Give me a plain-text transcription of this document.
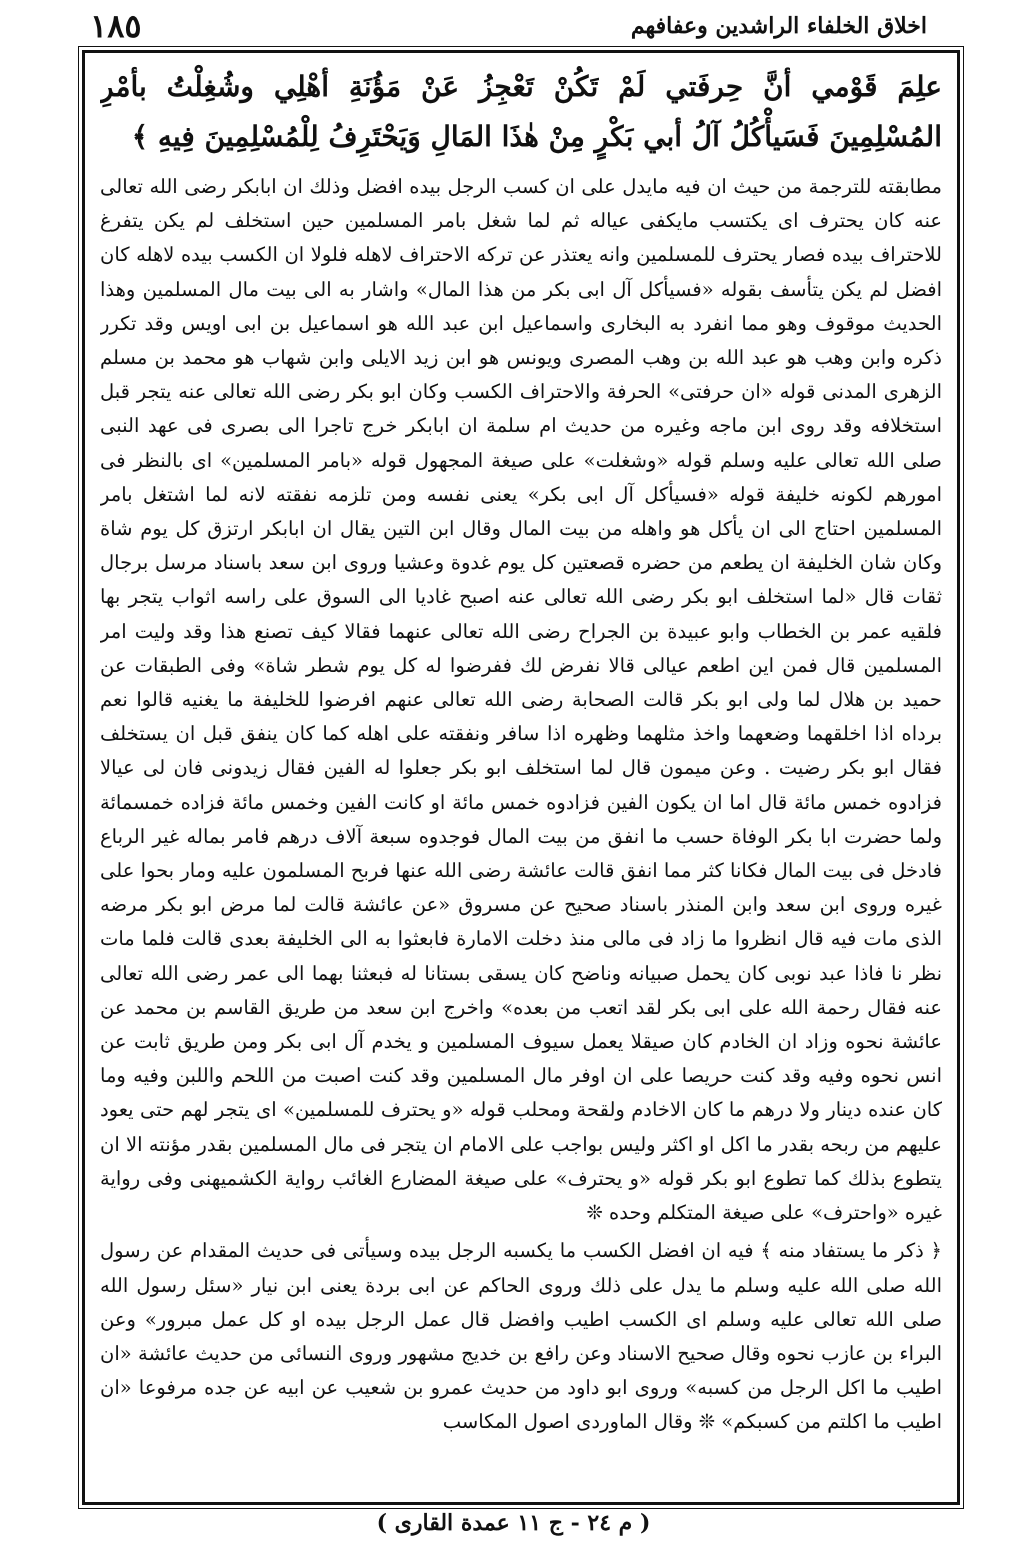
١٨٥	اخلاق الخلفاء الراشدين وعفافهم
علِمَ قَوْمي أنَّ حِرفَتي لَمْ تَكُنْ تَعْجِزُ عَنْ مَؤُنَةِ أهْلِي وشُغِلْتُ بأمْرِ المُسْلِمِينَ فَسَيأْكُلُ آلُ أبي بَكْرٍ مِنْ هٰذَا المَالِ وَيَحْتَرِفُ لِلْمُسْلِمِينَ فِيهِ ﴾

مطابقته للترجمة من حيث ان فيه مايدل على ان كسب الرجل بيده افضل وذلك ان ابابكر رضى الله تعالى عنه كان يحترف اى يكتسب مايكفى عياله ثم لما شغل بامر المسلمين حين استخلف لم يكن يتفرغ للاحتراف بيده فصار يحترف للمسلمين وانه يعتذر عن تركه الاحتراف لاهله فلولا ان الكسب بيده لاهله كان افضل لم يكن يتأسف بقوله «فسيأكل آل ابى بكر من هذا المال» واشار به الى بيت مال المسلمين وهذا الحديث موقوف وهو مما انفرد به البخارى واسماعيل ابن عبد الله هو اسماعيل بن ابى اويس وقد تكرر ذكره وابن وهب هو عبد الله بن وهب المصرى ويونس هو ابن زيد الايلى وابن شهاب هو محمد بن مسلم الزهرى المدنى قوله «ان حرفتى» الحرفة والاحتراف الكسب وكان ابو بكر رضى الله تعالى عنه يتجر قبل استخلافه وقد روى ابن ماجه وغيره من حديث ام سلمة ان ابابكر خرج تاجرا الى بصرى فى عهد النبى صلى الله تعالى عليه وسلم قوله «وشغلت» على صيغة المجهول قوله «بامر المسلمين» اى بالنظر فى امورهم لكونه خليفة قوله «فسيأكل آل ابى بكر» يعنى نفسه ومن تلزمه نفقته لانه لما اشتغل بامر المسلمين احتاج الى ان يأكل هو واهله من بيت المال وقال ابن التين يقال ان ابابكر ارتزق كل يوم شاة وكان شان الخليفة ان يطعم من حضره قصعتين كل يوم غدوة وعشيا وروى ابن سعد باسناد مرسل برجال ثقات قال «لما استخلف ابو بكر رضى الله تعالى عنه اصبح غاديا الى السوق على راسه اثواب يتجر بها فلقيه عمر بن الخطاب وابو عبيدة بن الجراح رضى الله تعالى عنهما فقالا كيف تصنع هذا وقد وليت امر المسلمين قال فمن اين اطعم عيالى قالا نفرض لك ففرضوا له كل يوم شطر شاة» وفى الطبقات عن حميد بن هلال لما ولى ابو بكر قالت الصحابة رضى الله تعالى عنهم افرضوا للخليفة ما يغنيه قالوا نعم برداه اذا اخلقهما وضعهما واخذ مثلهما وظهره اذا سافر ونفقته على اهله كما كان ينفق قبل ان يستخلف فقال ابو بكر رضيت . وعن ميمون قال لما استخلف ابو بكر جعلوا له الفين فقال زيدونى فان لى عيالا فزادوه خمس مائة قال اما ان يكون الفين فزادوه خمس مائة او كانت الفين وخمس مائة فزاده خمسمائة ولما حضرت ابا بكر الوفاة حسب ما انفق من بيت المال فوجدوه سبعة آلاف درهم فامر بماله غير الرباع فادخل فى بيت المال فكانا كثر مما انفق قالت عائشة رضى الله عنها فربح المسلمون عليه ومار بحوا على غيره وروى ابن سعد وابن المنذر باسناد صحيح عن مسروق «عن عائشة قالت لما مرض ابو بكر مرضه الذى مات فيه قال انظروا ما زاد فى مالى منذ دخلت الامارة فابعثوا به الى الخليفة بعدى قالت فلما مات نظر نا فاذا عبد نوبى كان يحمل صبيانه وناضح كان يسقى بستانا له فبعثنا بهما الى عمر رضى الله تعالى عنه فقال رحمة الله على ابى بكر لقد اتعب من بعده» واخرج ابن سعد من طريق القاسم بن محمد عن عائشة نحوه وزاد ان الخادم كان صيقلا يعمل سيوف المسلمين و يخدم آل ابى بكر ومن طريق ثابت عن انس نحوه وفيه وقد كنت حريصا على ان اوفر مال المسلمين وقد كنت اصبت من اللحم واللبن وفيه وما كان عنده دينار ولا درهم ما كان الاخادم ولقحة ومحلب قوله «و يحترف للمسلمين» اى يتجر لهم حتى يعود عليهم من ربحه بقدر ما اكل او اكثر وليس بواجب على الامام ان يتجر فى مال المسلمين بقدر مؤنته الا ان يتطوع بذلك كما تطوع ابو بكر قوله «و يحترف» على صيغة المضارع الغائب رواية الكشميهنى وفى رواية غيره «واحترف» على صيغة المتكلم وحده ❊

﴿ ذكر ما يستفاد منه ﴾ فيه ان افضل الكسب ما يكسبه الرجل بيده وسيأتى فى حديث المقدام عن رسول الله صلى الله عليه وسلم ما يدل على ذلك وروى الحاكم عن ابى بردة يعنى ابن نيار «سئل رسول الله صلى الله تعالى عليه وسلم اى الكسب اطيب وافضل قال عمل الرجل بيده او كل عمل مبرور» وعن البراء بن عازب نحوه وقال صحيح الاسناد وعن رافع بن خديج مشهور وروى النسائى من حديث عائشة «ان اطيب ما اكل الرجل من كسبه» وروى ابو داود من حديث عمرو بن شعيب عن ابيه عن جده مرفوعا «ان اطيب ما اكلتم من كسبكم» ❊ وقال الماوردى اصول المكاسب

( م ٢٤ - ج ١١ عمدة القارى )
